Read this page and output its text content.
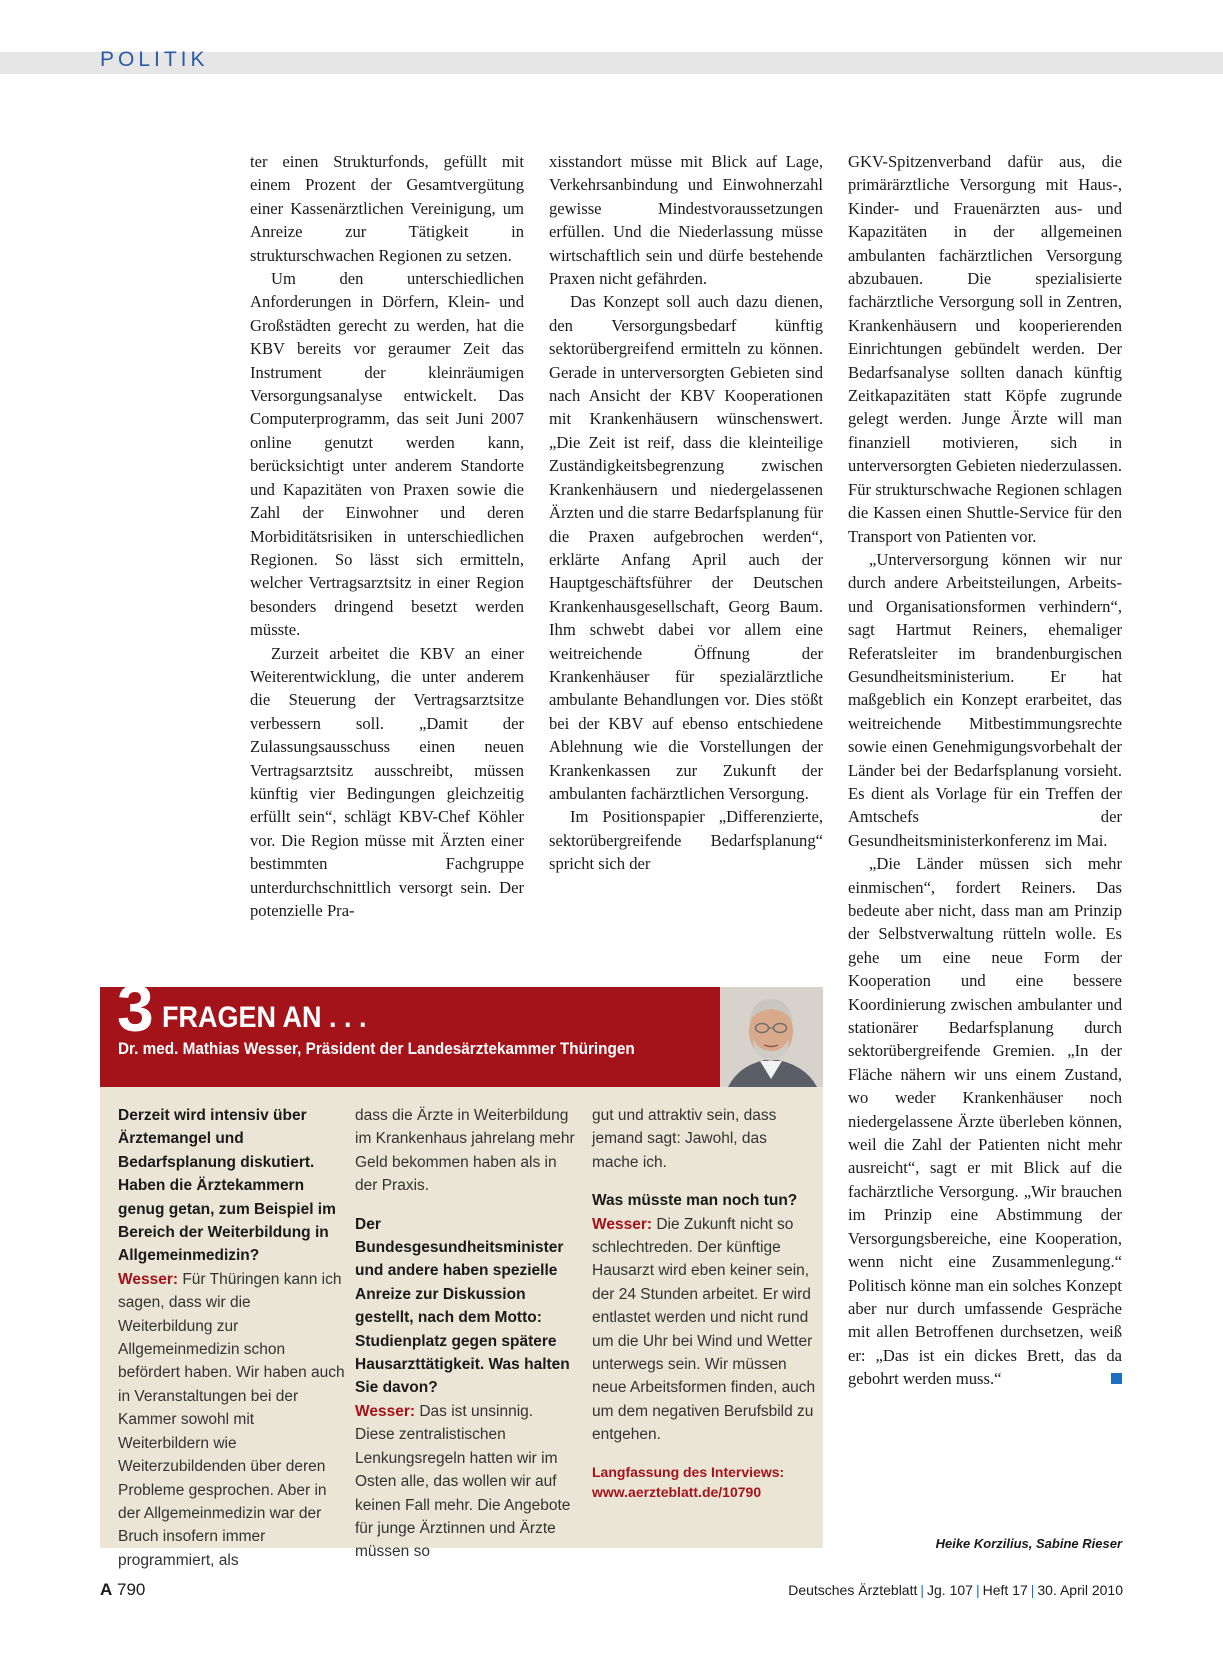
POLITIK

ter einen Strukturfonds, gefüllt mit einem Prozent der Gesamtvergütung einer Kassenärztlichen Vereinigung, um Anreize zur Tätigkeit in strukturschwachen Regionen zu setzen.

Um den unterschiedlichen Anforderungen in Dörfern, Klein- und Großstädten gerecht zu werden, hat die KBV bereits vor geraumer Zeit das Instrument der kleinräumigen Versorgungsanalyse entwickelt. Das Computerprogramm, das seit Juni 2007 online genutzt werden kann, berücksichtigt unter anderem Standorte und Kapazitäten von Praxen sowie die Zahl der Einwohner und deren Morbiditätsrisiken in unterschiedlichen Regionen. So lässt sich ermitteln, welcher Vertragsarztsitz in einer Region besonders dringend besetzt werden müsste.

Zurzeit arbeitet die KBV an einer Weiterentwicklung, die unter anderem die Steuerung der Vertragsarztsitze verbessern soll. „Damit der Zulassungsausschuss einen neuen Vertragsarztsitz ausschreibt, müssen künftig vier Bedingungen gleichzeitig erfüllt sein“, schlägt KBV-Chef Köhler vor. Die Region müsse mit Ärzten einer bestimmten Fachgruppe unterdurchschnittlich versorgt sein. Der potenzielle Pra-

xisstandort müsse mit Blick auf Lage, Verkehrsanbindung und Einwohnerzahl gewisse Mindestvoraussetzungen erfüllen. Und die Niederlassung müsse wirtschaftlich sein und dürfe bestehende Praxen nicht gefährden.

Das Konzept soll auch dazu dienen, den Versorgungsbedarf künftig sektorübergreifend ermitteln zu können. Gerade in unterversorgten Gebieten sind nach Ansicht der KBV Kooperationen mit Krankenhäusern wünschenswert. „Die Zeit ist reif, dass die kleinteilige Zuständigkeitsbegrenzung zwischen Krankenhäusern und niedergelassenen Ärzten und die starre Bedarfsplanung für die Praxen aufgebrochen werden“, erklärte Anfang April auch der Hauptgeschäftsführer der Deutschen Krankenhausgesellschaft, Georg Baum. Ihm schwebt dabei vor allem eine weitreichende Öffnung der Krankenhäuser für spezialärztliche ambulante Behandlungen vor. Dies stößt bei der KBV auf ebenso entschiedene Ablehnung wie die Vorstellungen der Krankenkassen zur Zukunft der ambulanten fachärztlichen Versorgung.

Im Positionspapier „Differenzierte, sektorübergreifende Bedarfsplanung“ spricht sich der

GKV-Spitzenverband dafür aus, die primärärztliche Versorgung mit Haus-, Kinder- und Frauenärzten aus- und Kapazitäten in der allgemeinen ambulanten fachärztlichen Versorgung abzubauen. Die spezialisierte fachärztliche Versorgung soll in Zentren, Krankenhäusern und kooperierenden Einrichtungen gebündelt werden. Der Bedarfsanalyse sollten danach künftig Zeitkapazitäten statt Köpfe zugrunde gelegt werden. Junge Ärzte will man finanziell motivieren, sich in unterversorgten Gebieten niederzulassen. Für strukturschwache Regionen schlagen die Kassen einen Shuttle-Service für den Transport von Patienten vor.

„Unterversorgung können wir nur durch andere Arbeitsteilungen, Arbeits- und Organisationsformen verhindern“, sagt Hartmut Reiners, ehemaliger Referatsleiter im brandenburgischen Gesundheitsministerium. Er hat maßgeblich ein Konzept erarbeitet, das weitreichende Mitbestimmungsrechte sowie einen Genehmigungsvorbehalt der Länder bei der Bedarfsplanung vorsieht. Es dient als Vorlage für ein Treffen der Amtschefs der Gesundheitsministerkonferenz im Mai.

„Die Länder müssen sich mehr einmischen“, fordert Reiners. Das bedeute aber nicht, dass man am Prinzip der Selbstverwaltung rütteln wolle. Es gehe um eine neue Form der Kooperation und eine bessere Koordinierung zwischen ambulanter und stationärer Bedarfsplanung durch sektorübergreifende Gremien. „In der Fläche nähern wir uns einem Zustand, wo weder Krankenhäuser noch niedergelassene Ärzte überleben können, weil die Zahl der Patienten nicht mehr ausreicht“, sagt er mit Blick auf die fachärztliche Versorgung. „Wir brauchen im Prinzip eine Abstimmung der Versorgungsbereiche, eine Kooperation, wenn nicht eine Zusammenlegung.“ Politisch könne man ein solches Konzept aber nur durch umfassende Gespräche mit allen Betroffenen durchsetzen, weiß er: „Das ist ein dickes Brett, das da gebohrt werden muss.“

Heike Korzilius, Sabine Rieser
3 FRAGEN AN . . .
Dr. med. Mathias Wesser, Präsident der Landesärztekammer Thüringen

Derzeit wird intensiv über Ärztemangel und Bedarfsplanung diskutiert. Haben die Ärztekammern genug getan, zum Beispiel im Bereich der Weiterbildung in Allgemeinmedizin?

Wesser: Für Thüringen kann ich sagen, dass wir die Weiterbildung zur Allgemeinmedizin schon befördert haben. Wir haben auch in Veranstaltungen bei der Kammer sowohl mit Weiterbildern wie Weiterzubildenden über deren Probleme gesprochen. Aber in der Allgemeinmedizin war der Bruch insofern immer programmiert, als

dass die Ärzte in Weiterbildung im Krankenhaus jahrelang mehr Geld bekommen haben als in der Praxis.

Der Bundesgesundheitsminister und andere haben spezielle Anreize zur Diskussion gestellt, nach dem Motto: Studienplatz gegen spätere Hausarzttätigkeit. Was halten Sie davon?

Wesser: Das ist unsinnig. Diese zentralistischen Lenkungsregeln hatten wir im Osten alle, das wollen wir auf keinen Fall mehr. Die Angebote für junge Ärztinnen und Ärzte müssen so

gut und attraktiv sein, dass jemand sagt: Jawohl, das mache ich.

Was müsste man noch tun?

Wesser: Die Zukunft nicht so schlechtreden. Der künftige Hausarzt wird eben keiner sein, der 24 Stunden arbeitet. Er wird entlastet werden und nicht rund um die Uhr bei Wind und Wetter unterwegs sein. Wir müssen neue Arbeitsformen finden, auch um dem negativen Berufsbild zu entgehen.

Langfassung des Interviews:

www.aerzteblatt.de/10790

A 790	Deutsches Ärzteblatt | Jg. 107 | Heft 17 | 30. April 2010
